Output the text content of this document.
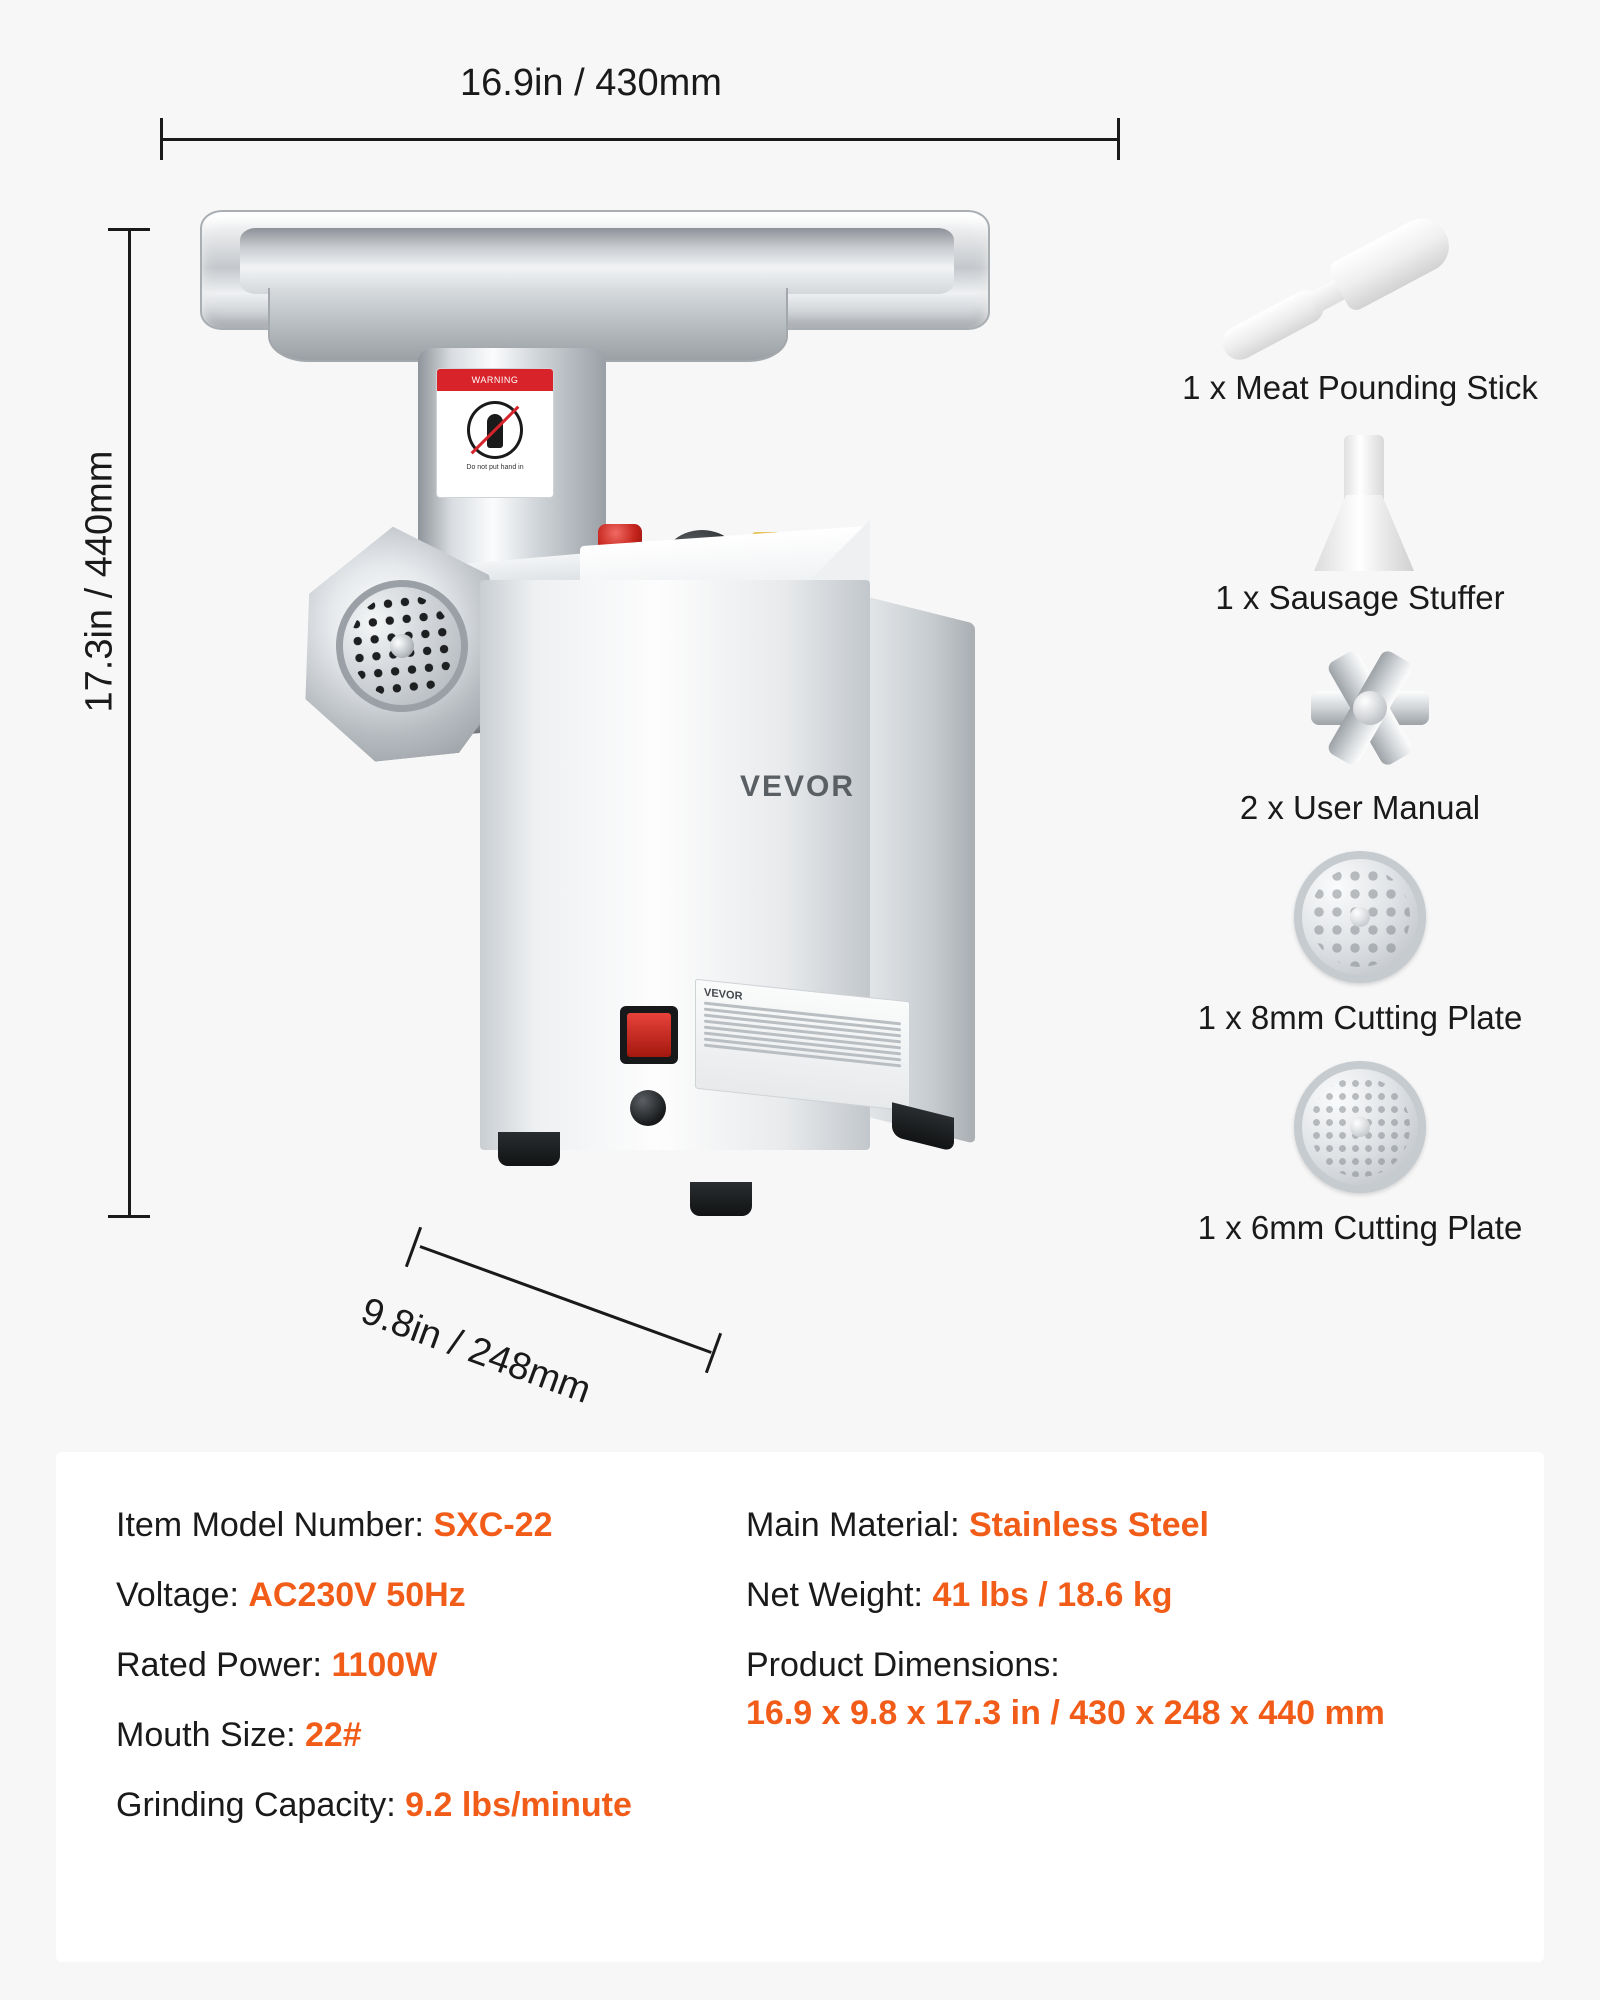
16.9in / 430mm
17.3in / 440mm
9.8in / 248mm
WARNING
Do not put hand in
VEVOR
VEVOR
1 x Meat Pounding Stick
1 x Sausage Stuffer
2 x User Manual
1 x 8mm Cutting Plate
1 x 6mm Cutting Plate
Item Model Number: SXC-22
Voltage: AC230V 50Hz
Rated Power: 1100W
Mouth Size: 22#
Grinding Capacity: 9.2 lbs/minute
Main Material: Stainless Steel
Net Weight: 41 lbs / 18.6 kg
Product Dimensions:
16.9 x 9.8 x 17.3 in / 430 x 248 x 440 mm
